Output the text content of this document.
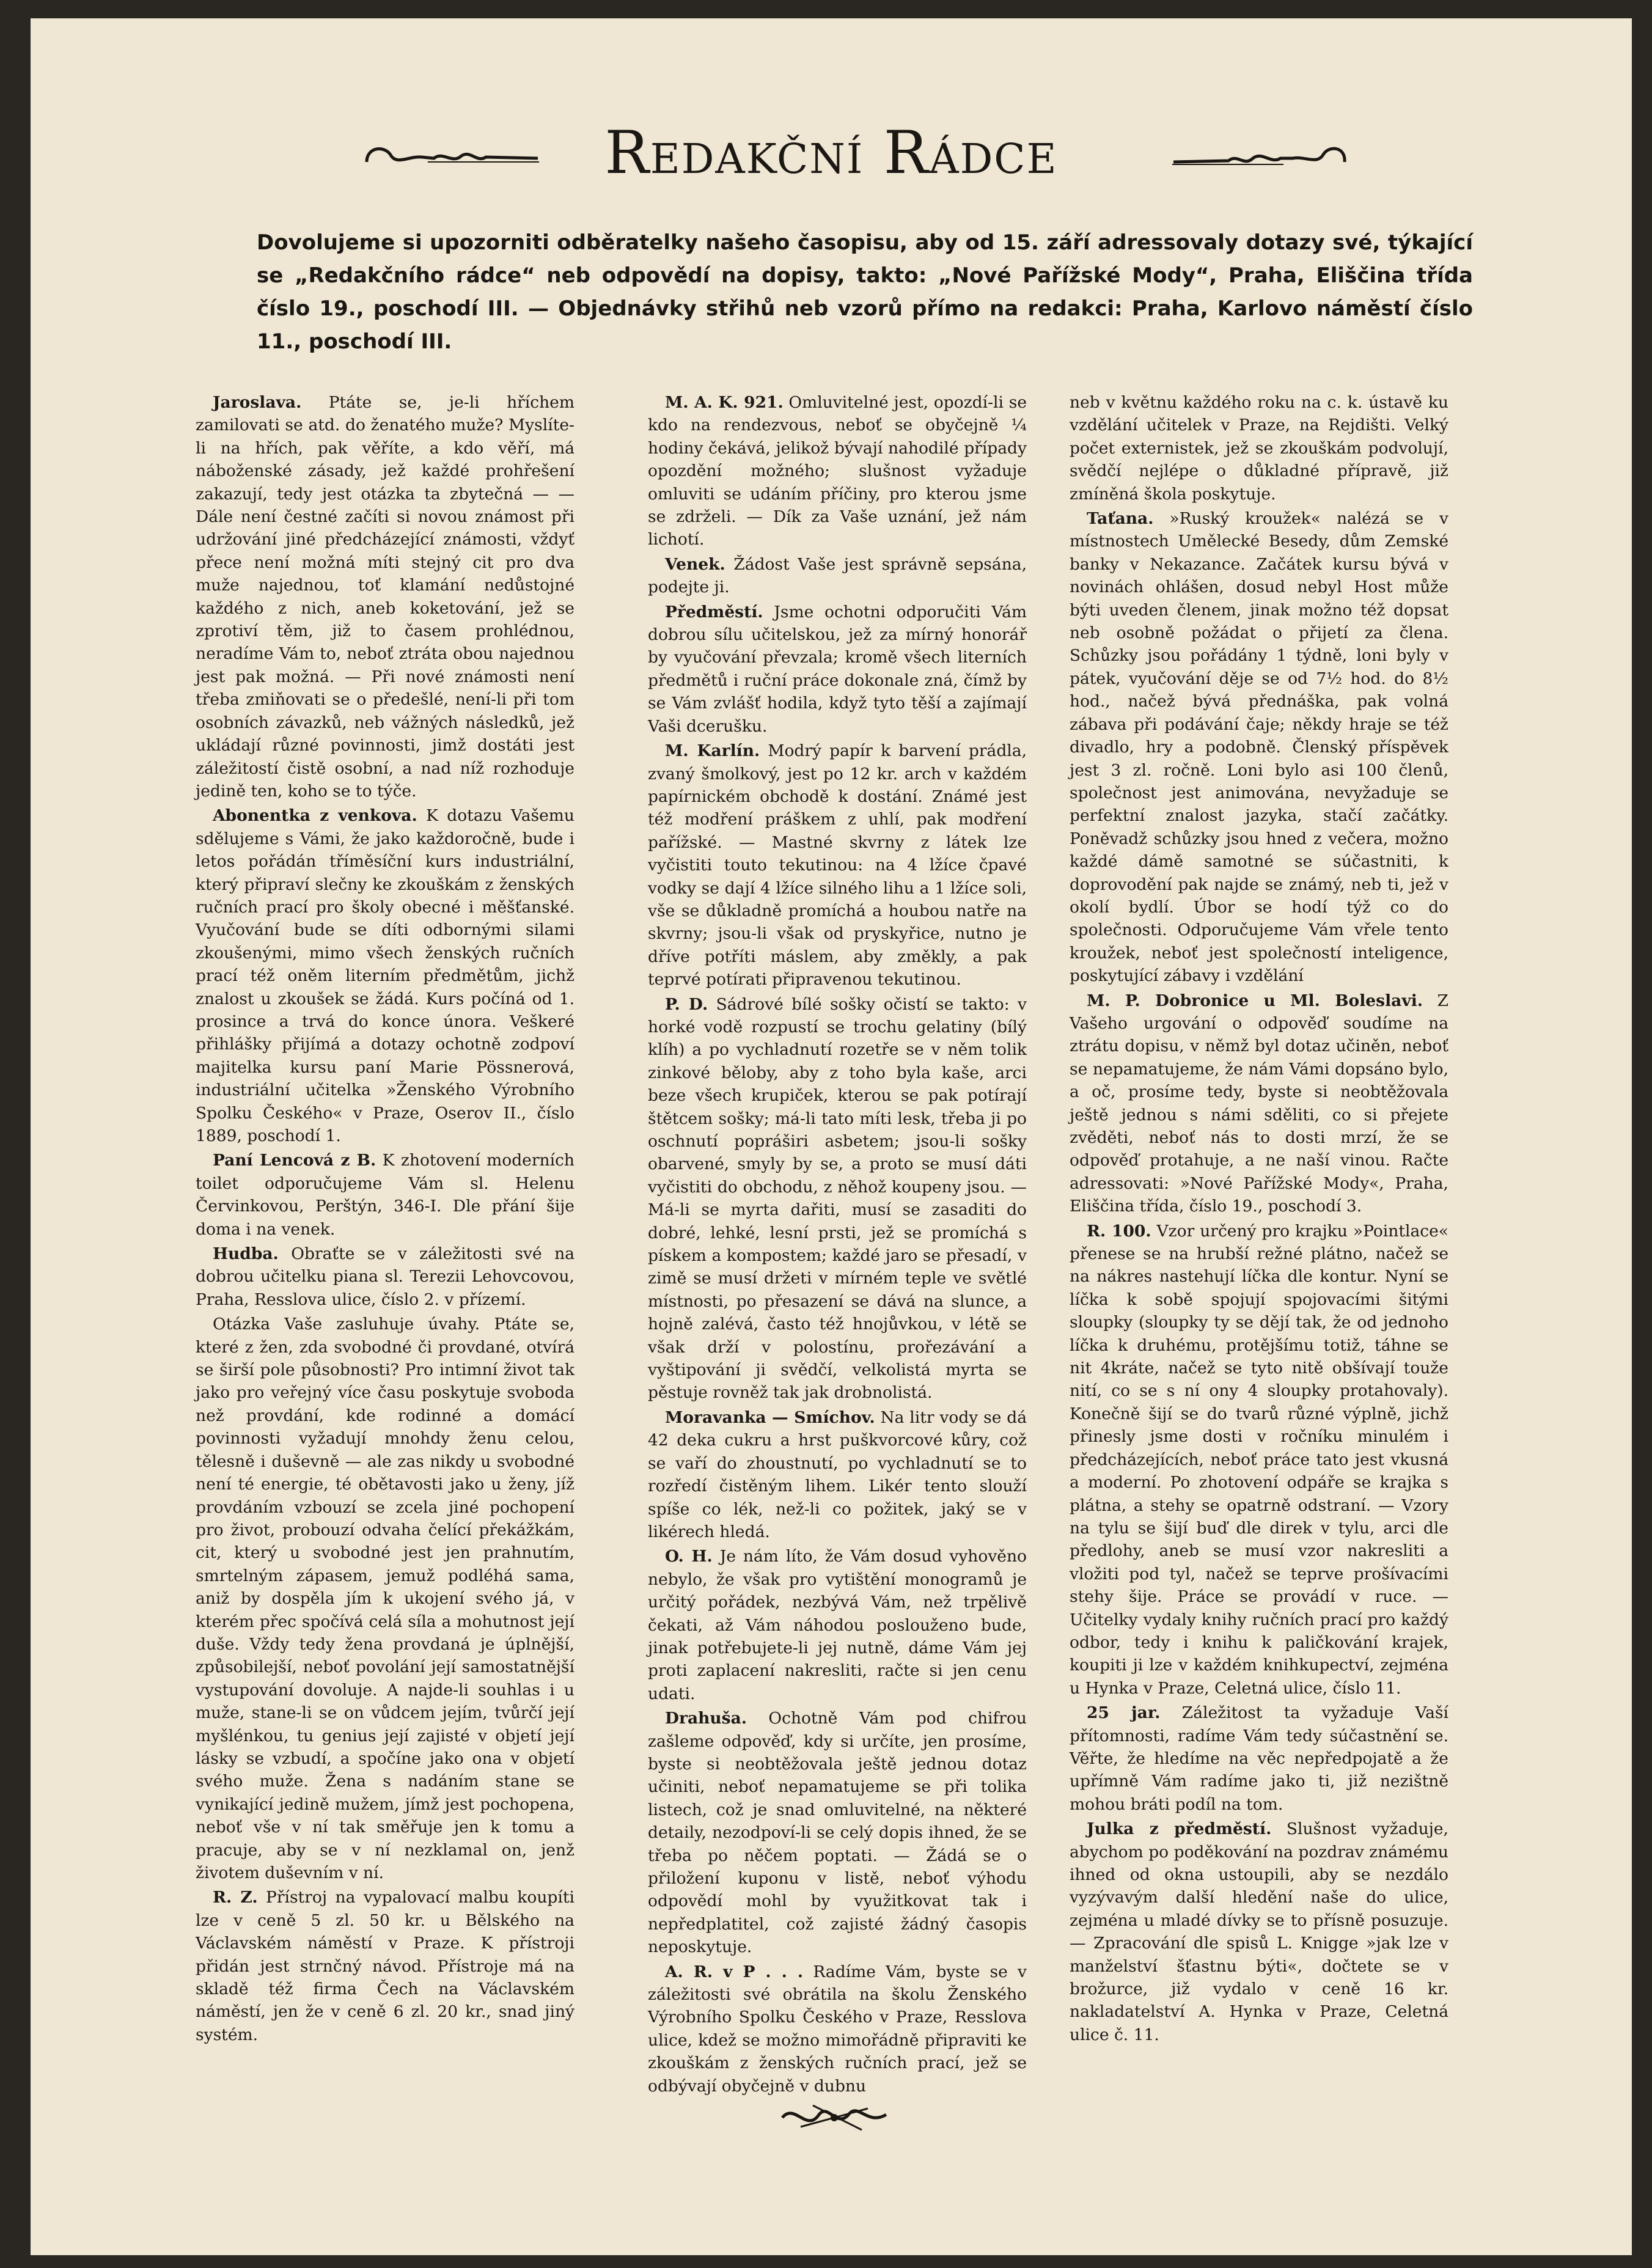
Redakční Rádce
Dovolujeme si upozorniti odběratelky našeho časopisu, aby od 15. září adressovaly dotazy své, týkající se „Redakčního rádce“ neb odpovědí na dopisy, takto: „Nové Pařížské Mody“, Praha, Eliščina třída číslo 19., poschodí III. — Objednávky střihů neb vzorů přímo na redakci: Praha, Karlovo náměstí číslo 11., poschodí III.

Jaroslava. Ptáte se, je-li hříchem zamilovati se atd. do ženatého muže? Myslíte-li na hřích, pak věříte, a kdo věří, má náboženské zásady, jež každé prohřešení zakazují, tedy jest otázka ta zbytečná — — Dále není čestné začíti si novou známost při udržování jiné předcházející známosti, vždyť přece není možná míti stejný cit pro dva muže najednou, toť klamání nedůstojné každého z nich, aneb koketování, jež se zprotiví těm, již to časem prohlédnou, neradíme Vám to, neboť ztráta obou najednou jest pak možná. — Při nové známosti není třeba zmiňovati se o předešlé, není-li při tom osobních závazků, neb vážných následků, jež ukládají různé povinnosti, jimž dostáti jest záležitostí čistě osobní, a nad níž rozhoduje jedině ten, koho se to týče.

Abonentka z venkova. K dotazu Vašemu sdělujeme s Vámi, že jako každoročně, bude i letos pořádán tříměsíční kurs industriální, který připraví slečny ke zkouškám z ženských ručních prací pro školy obecné i měšťanské. Vyučování bude se díti odbornými silami zkoušenými, mimo všech ženských ručních prací též oněm literním předmětům, jichž znalost u zkoušek se žádá. Kurs počíná od 1. prosince a trvá do konce února. Veškeré přihlášky přijímá a dotazy ochotně zodpoví majitelka kursu paní Marie Pössnerová, industriální učitelka »Ženského Výrobního Spolku Českého« v Praze, Oserov II., číslo 1889, poschodí 1.

Paní Lencová z B. K zhotovení moderních toilet odporučujeme Vám sl. Helenu Červinkovou, Perštýn, 346-I. Dle přání šije doma i na venek.

Hudba. Obraťte se v záležitosti své na dobrou učitelku piana sl. Terezii Lehovcovou, Praha, Resslova ulice, číslo 2. v přízemí.

Otázka Vaše zasluhuje úvahy. Ptáte se, které z žen, zda svobodné či provdané, otvírá se širší pole působnosti? Pro intimní život tak jako pro veřejný více času poskytuje svoboda než provdání, kde rodinné a domácí povinnosti vyžadují mnohdy ženu celou, tělesně i duševně — ale zas nikdy u svobodné není té energie, té obětavosti jako u ženy, jíž provdáním vzbouzí se zcela jiné pochopení pro život, probouzí odvaha čelící překážkám, cit, který u svobodné jest jen prahnutím, smrtelným zápasem, jemuž podléhá sama, aniž by dospěla jím k ukojení svého já, v kterém přec spočívá celá síla a mohutnost její duše. Vždy tedy žena provdaná je úplnější, způsobilejší, neboť povolání její samostatnější vystupování dovoluje. A najde-li souhlas i u muže, stane-li se on vůdcem jejím, tvůrčí její myšlénkou, tu genius její zajisté v objetí její lásky se vzbudí, a spočíne jako ona v objetí svého muže. Žena s nadáním stane se vynikající jedině mužem, jímž jest pochopena, neboť vše v ní tak směřuje jen k tomu a pracuje, aby se v ní nezklamal on, jenž životem duševním v ní.

R. Z. Přístroj na vypalovací malbu koupíti lze v ceně 5 zl. 50 kr. u Bělského na Václavském náměstí v Praze. K přístroji přidán jest strnčný návod. Přístroje má na skladě též firma Čech na Václavském náměstí, jen že v ceně 6 zl. 20 kr., snad jiný systém.

M. A. K. 921. Omluvitelné jest, opozdí-li se kdo na rendezvous, neboť se obyčejně ¼ hodiny čekává, jelikož bývají nahodilé případy opozdění možného; slušnost vyžaduje omluviti se udáním příčiny, pro kterou jsme se zdrželi. — Dík za Vaše uznání, jež nám lichotí.

Venek. Žádost Vaše jest správně sepsána, podejte ji.

Předměstí. Jsme ochotni odporučiti Vám dobrou sílu učitelskou, jež za mírný honorář by vyučování převzala; kromě všech literních předmětů i ruční práce dokonale zná, čímž by se Vám zvlášť hodila, když tyto těší a zajímají Vaši dcerušku.

M. Karlín. Modrý papír k barvení prádla, zvaný šmolkový, jest po 12 kr. arch v každém papírnickém obchodě k dostání. Známé jest též modření práškem z uhlí, pak modření pařížské. — Mastné skvrny z látek lze vyčistiti touto tekutinou: na 4 lžíce čpavé vodky se dají 4 lžíce silného lihu a 1 lžíce soli, vše se důkladně promíchá a houbou natře na skvrny; jsou-li však od pryskyřice, nutno je dříve potříti máslem, aby změkly, a pak teprvé potírati připravenou tekutinou.

P. D. Sádrové bílé sošky očistí se takto: v horké vodě rozpustí se trochu gelatiny (bílý klíh) a po vychladnutí rozetře se v něm tolik zinkové běloby, aby z toho byla kaše, arci beze všech krupiček, kterou se pak potírají štětcem sošky; má-li tato míti lesk, třeba ji po oschnutí popráširi asbetem; jsou-li sošky obarvené, smyly by se, a proto se musí dáti vyčistiti do obchodu, z něhož koupeny jsou. — Má-li se myrta dařiti, musí se zasaditi do dobré, lehké, lesní prsti, jež se promíchá s pískem a kompostem; každé jaro se přesadí, v zimě se musí držeti v mírném teple ve světlé místnosti, po přesazení se dává na slunce, a hojně zalévá, často též hnojůvkou, v létě se však drží v polostínu, prořezávání a vyštipování ji svědčí, velkolistá myrta se pěstuje rovněž tak jak drobnolistá.

Moravanka — Smíchov. Na litr vody se dá 42 deka cukru a hrst puškvorcové kůry, což se vaří do zhoustnutí, po vychladnutí se to rozředí čistěným lihem. Likér tento slouží spíše co lék, než-li co požitek, jaký se v likérech hledá.

O. H. Je nám líto, že Vám dosud vyhověno nebylo, že však pro vytištění monogramů je určitý pořádek, nezbývá Vám, než trpělivě čekati, až Vám náhodou poslouženo bude, jinak potřebujete-li jej nutně, dáme Vám jej proti zaplacení nakresliti, račte si jen cenu udati.

Drahuša. Ochotně Vám pod chifrou zašleme odpověď, kdy si určíte, jen prosíme, byste si neobtěžovala ještě jednou dotaz učiniti, neboť nepamatujeme se při tolika listech, což je snad omluvitelné, na některé detaily, nezodpoví-li se celý dopis ihned, že se třeba po něčem poptati. — Žádá se o přiložení kuponu v listě, neboť výhodu odpovědí mohl by využitkovat tak i nepředplatitel, což zajisté žádný časopis neposkytuje.

A. R. v P . . . Radíme Vám, byste se v záležitosti své obrátila na školu Ženského Výrobního Spolku Českého v Praze, Resslova ulice, kdež se možno mimořádně připraviti ke zkouškám z ženských ručních prací, jež se odbývají obyčejně v dubnu

neb v květnu každého roku na c. k. ústavě ku vzdělání učitelek v Praze, na Rejdišti. Velký počet externistek, jež se zkouškám podvolují, svědčí nejlépe o důkladné přípravě, již zmíněná škola poskytuje.

Taťana. »Ruský kroužek« nalézá se v místnostech Umělecké Besedy, dům Zemské banky v Nekazance. Začátek kursu bývá v novinách ohlášen, dosud nebyl Host může býti uveden členem, jinak možno též dopsat neb osobně požádat o přijetí za člena. Schůzky jsou pořádány 1 týdně, loni byly v pátek, vyučování děje se od 7½ hod. do 8½ hod., načež bývá přednáška, pak volná zábava při podávání čaje; někdy hraje se též divadlo, hry a podobně. Členský příspěvek jest 3 zl. ročně. Loni bylo asi 100 členů, společnost jest animována, nevyžaduje se perfektní znalost jazyka, stačí začátky. Poněvadž schůzky jsou hned z večera, možno každé dámě samotné se súčastniti, k doprovodění pak najde se známý, neb ti, jež v okolí bydlí. Úbor se hodí týž co do společnosti. Odporučujeme Vám vřele tento kroužek, neboť jest společností inteligence, poskytující zábavy i vzdělání

M. P. Dobronice u Ml. Boleslavi. Z Vašeho urgování o odpověď soudíme na ztrátu dopisu, v němž byl dotaz učiněn, neboť se nepamatujeme, že nám Vámi dopsáno bylo, a oč, prosíme tedy, byste si neobtěžovala ještě jednou s námi sděliti, co si přejete zvěděti, neboť nás to dosti mrzí, že se odpověď protahuje, a ne naší vinou. Račte adressovati: »Nové Pařížské Mody«, Praha, Eliščina třída, číslo 19., poschodí 3.

R. 100. Vzor určený pro krajku »Pointlace« přenese se na hrubší režné plátno, načež se na nákres nastehují líčka dle kontur. Nyní se líčka k sobě spojují spojovacími šitými sloupky (sloupky ty se dějí tak, že od jednoho líčka k druhému, protějšímu totiž, táhne se nit 4kráte, načež se tyto nitě obšívají touže nití, co se s ní ony 4 sloupky protahovaly). Konečně šijí se do tvarů různé výplně, jichž přinesly jsme dosti v ročníku minulém i předcházejících, neboť práce tato jest vkusná a moderní. Po zhotovení odpáře se krajka s plátna, a stehy se opatrně odstraní. — Vzory na tylu se šijí buď dle direk v tylu, arci dle předlohy, aneb se musí vzor nakresliti a vložiti pod tyl, načež se teprve prošívacími stehy šije. Práce se provádí v ruce. — Učitelky vydaly knihy ručních prací pro každý odbor, tedy i knihu k paličkování krajek, koupiti ji lze v každém knihkupectví, zejména u Hynka v Praze, Celetná ulice, číslo 11.

25 jar. Záležitost ta vyžaduje Vaší přítomnosti, radíme Vám tedy súčastnění se. Věřte, že hledíme na věc nepředpojatě a že upřímně Vám radíme jako ti, již nezištně mohou bráti podíl na tom.

Julka z předměstí. Slušnost vyžaduje, abychom po poděkování na pozdrav známému ihned od okna ustoupili, aby se nezdálo vyzývavým další hledění naše do ulice, zejména u mladé dívky se to přísně posuzuje. — Zpracování dle spisů L. Knigge »jak lze v manželství šťastnu býti«, dočtete se v brožurce, již vydalo v ceně 16 kr. nakladatelství A. Hynka v Praze, Celetná ulice č. 11.
